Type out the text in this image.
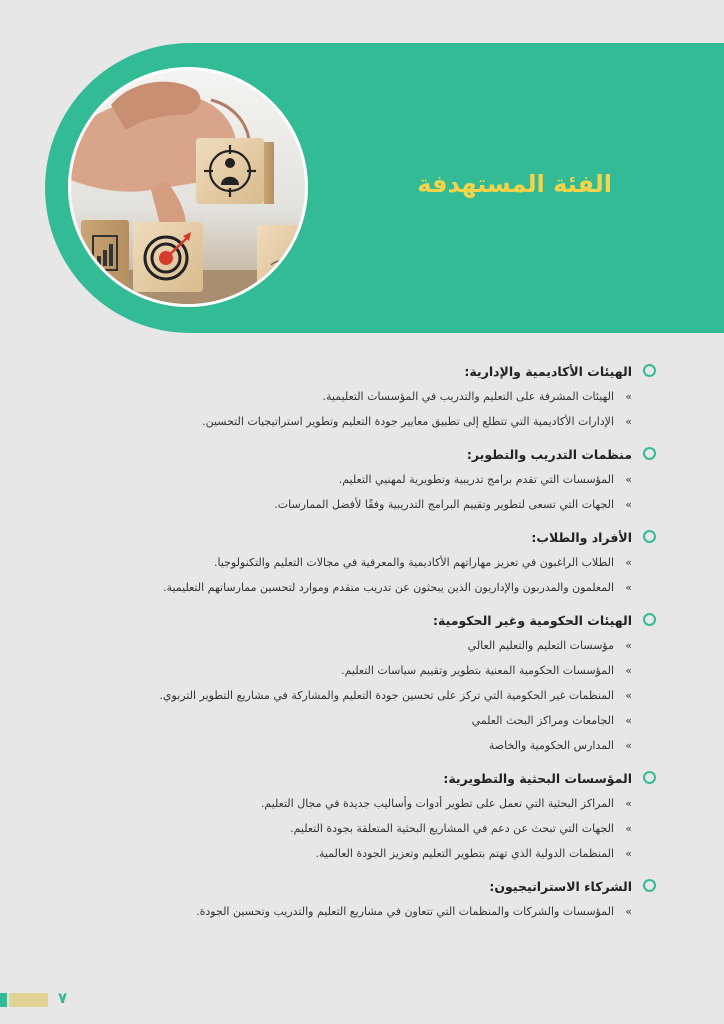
الفئة المستهدفة
الهيئات الأكاديمية والإدارية:
»
الهيئات المشرفة على التعليم والتدريب في المؤسسات التعليمية.
»
الإدارات الأكاديمية التي تتطلع إلى تطبيق معايير جودة التعليم وتطوير استراتيجيات التحسين.
منظمات التدريب والتطوير:
»
المؤسسات التي تقدم برامج تدريبية وتطويرية لمهنيي التعليم.
»
الجهات التي تسعى لتطوير وتقييم البرامج التدريبية وفقًا لأفضل الممارسات.
الأفراد والطلاب:
»
الطلاب الراغبون في تعزيز مهاراتهم الأكاديمية والمعرفية في مجالات التعليم والتكنولوجيا.
»
المعلمون والمدربون والإداريون الذين يبحثون عن تدريب متقدم وموارد لتحسين ممارساتهم التعليمية.
الهيئات الحكومية وغير الحكومية:
»
مؤسسات التعليم والتعليم العالي
»
المؤسسات الحكومية المعنية بتطوير وتقييم سياسات التعليم.
»
المنظمات غير الحكومية التي تركز على تحسين جودة التعليم والمشاركة في مشاريع التطوير التربوي.
»
الجامعات ومراكز البحث العلمي
»
المدارس الحكومية والخاصة
المؤسسات البحثية والتطويرية:
»
المراكز البحثية التي تعمل على تطوير أدوات وأساليب جديدة في مجال التعليم.
»
الجهات التي تبحث عن دعم في المشاريع البحثية المتعلقة بجودة التعليم.
»
المنظمات الدولية الذي تهتم بتطوير التعليم وتعزيز الجودة العالمية.
الشركاء الاستراتيجيون:
»
المؤسسات والشركات والمنظمات التي تتعاون في مشاريع التعليم والتدريب وتحسين الجودة.
٧
